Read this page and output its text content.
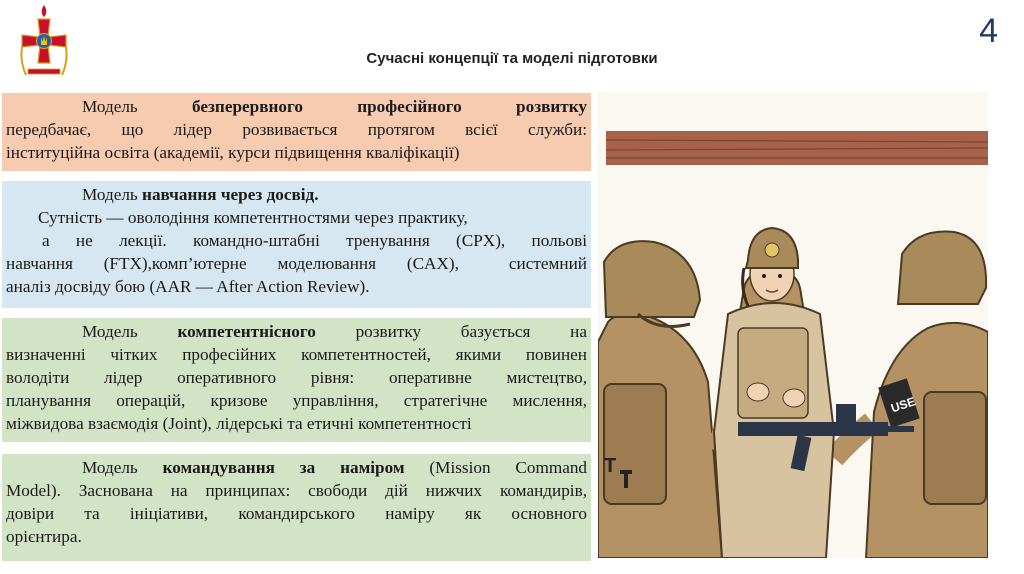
Сучасні концепції та моделі підготовки
4

Модель безперервного професійного розвитку

передбачає, що лідер розвивається протягом всієї служби:

інституційна освіта (академії, курси підвищення кваліфікації)

Модель навчання через досвід.

Сутність — оволодіння компетентностями через практику,

а не лекції. командно-штабні тренування (CPX), польові

навчання (FTX),комп’ютерне моделювання (CAX),	системний

аналіз досвіду бою (AAR — After Action Review).

Модель компетентнісного розвитку базується на

визначенні чітких професійних компетентностей, якими повинен

володіти лідер оперативного рівня: оперативне мистецтво,

планування операцій, кризове управління, стратегічне мислення,

міжвидова взаємодія (Joint), лідерські та етичні компетентності

Модель командування за наміром (Mission Command

Model). Заснована на принципах: свободи дій нижчих командирів,

довіри та ініціативи, командирського наміру як основного

орієнтира.

USE
T
